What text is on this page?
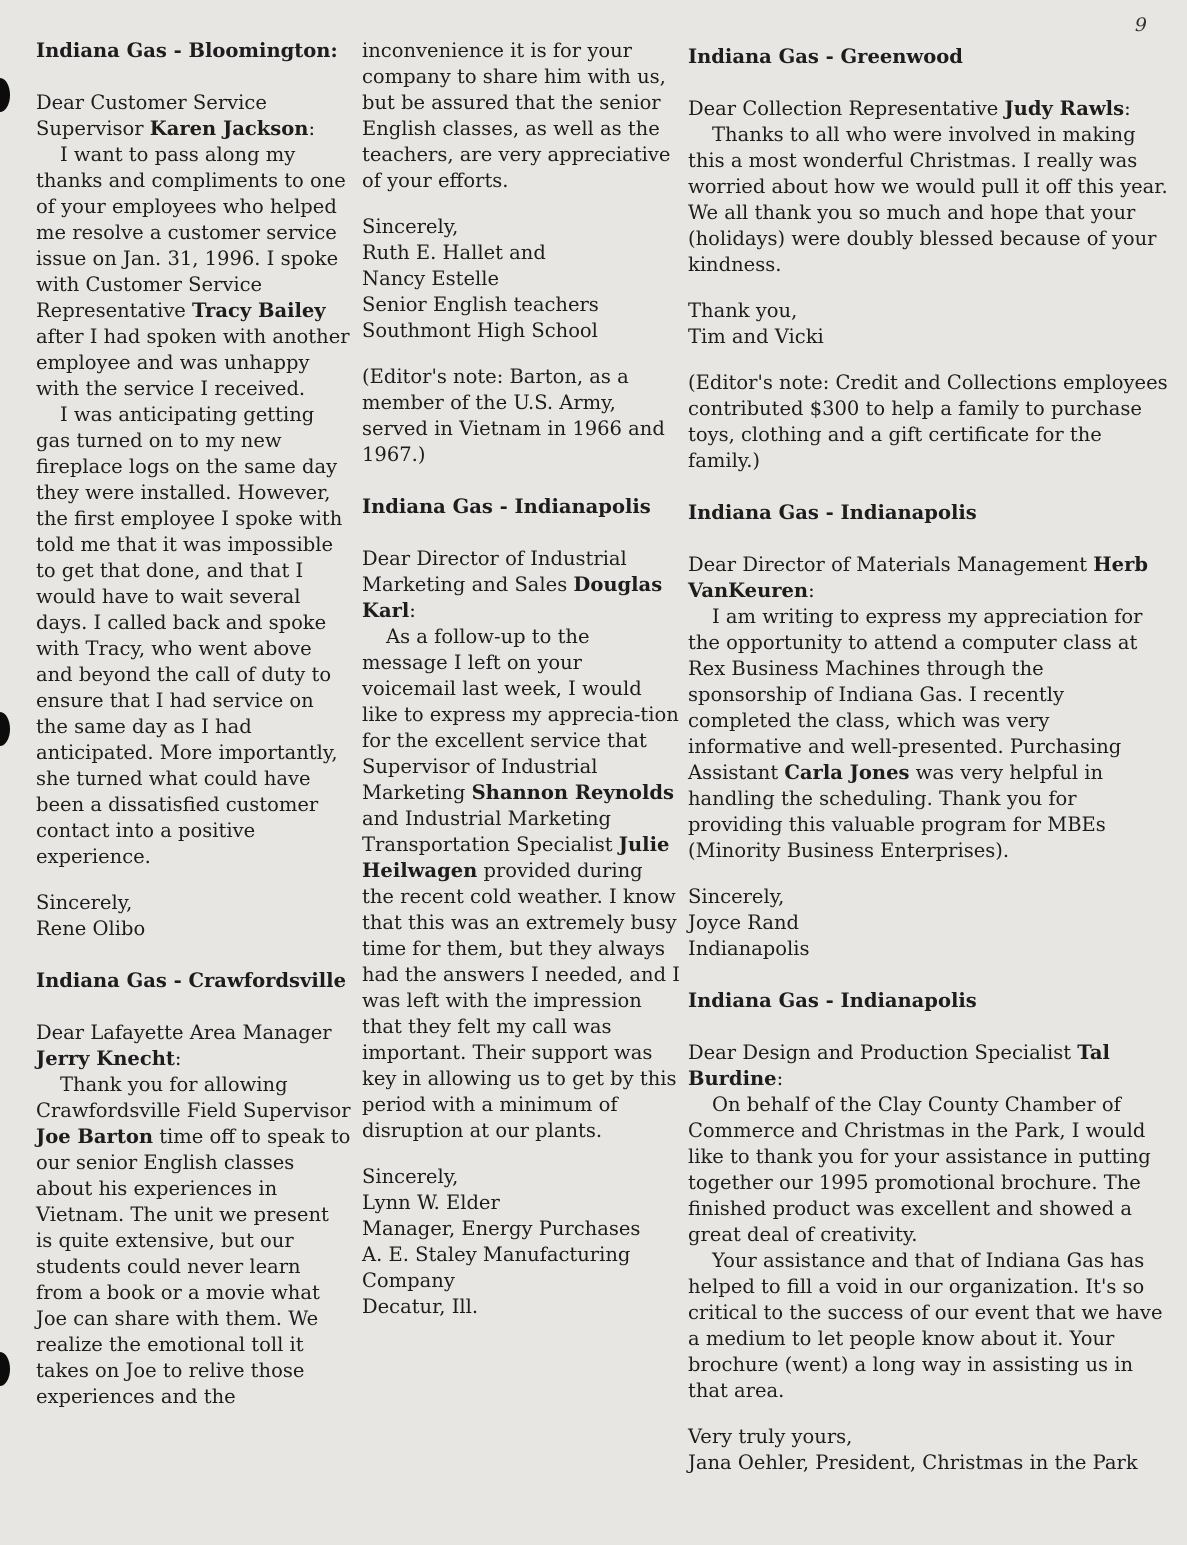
9

Indiana Gas - Bloomington:

Dear Customer Service Supervisor Karen Jackson:

I want to pass along my thanks and compliments to one of your employees who helped me resolve a customer service issue on Jan. 31, 1996. I spoke with Customer Service Representative Tracy Bailey after I had spoken with another employee and was unhappy with the service I received.

I was anticipating getting gas turned on to my new fireplace logs on the same day they were installed. However, the first employee I spoke with told me that it was impossible to get that done, and that I would have to wait several days. I called back and spoke with Tracy, who went above and beyond the call of duty to ensure that I had service on the same day as I had anticipated. More importantly, she turned what could have been a dissatisfied customer contact into a positive experience.

Sincerely,

Rene Olibo

Indiana Gas - Crawfordsville

Dear Lafayette Area Manager Jerry Knecht:

Thank you for allowing Crawfordsville Field Supervisor Joe Barton time off to speak to our senior English classes about his experiences in Vietnam. The unit we present is quite extensive, but our students could never learn from a book or a movie what Joe can share with them. We realize the emotional toll it takes on Joe to relive those experiences and the

inconvenience it is for your company to share him with us, but be assured that the senior English classes, as well as the teachers, are very appreciative of your efforts.

Sincerely,

Ruth E. Hallet and
Nancy Estelle
Senior English teachers
Southmont High School

(Editor's note: Barton, as a member of the U.S. Army, served in Vietnam in 1966 and 1967.)

Indiana Gas - Indianapolis

Dear Director of Industrial Marketing and Sales Douglas Karl:

As a follow-up to the message I left on your voicemail last week, I would like to express my apprecia-tion for the excellent service that Supervisor of Industrial Marketing Shannon Reynolds and Industrial Marketing Transportation Specialist Julie Heilwagen provided during the recent cold weather. I know that this was an extremely busy time for them, but they always had the answers I needed, and I was left with the impression that they felt my call was important. Their support was key in allowing us to get by this period with a minimum of disruption at our plants.

Sincerely,

Lynn W. Elder
Manager, Energy Purchases
A. E. Staley Manufacturing
Company
Decatur, Ill.

Indiana Gas - Greenwood

Dear Collection Representative Judy Rawls:

Thanks to all who were involved in making this a most wonderful Christmas. I really was worried about how we would pull it off this year. We all thank you so much and hope that your (holidays) were doubly blessed because of your kindness.

Thank you,

Tim and Vicki

(Editor's note: Credit and Collections employees contributed $300 to help a family to purchase toys, clothing and a gift certificate for the family.)

Indiana Gas - Indianapolis

Dear Director of Materials Management Herb VanKeuren:

I am writing to express my appreciation for the opportunity to attend a computer class at Rex Business Machines through the sponsorship of Indiana Gas. I recently completed the class, which was very informative and well-presented. Purchasing Assistant Carla Jones was very helpful in handling the scheduling. Thank you for providing this valuable program for MBEs (Minority Business Enterprises).

Sincerely,

Joyce Rand
Indianapolis

Indiana Gas - Indianapolis

Dear Design and Production Specialist Tal Burdine:

On behalf of the Clay County Chamber of Commerce and Christmas in the Park, I would like to thank you for your assistance in putting together our 1995 promotional brochure. The finished product was excellent and showed a great deal of creativity.

Your assistance and that of Indiana Gas has helped to fill a void in our organization. It's so critical to the success of our event that we have a medium to let people know about it. Your brochure (went) a long way in assisting us in that area.

Very truly yours,

Jana Oehler, President, Christmas in the Park
